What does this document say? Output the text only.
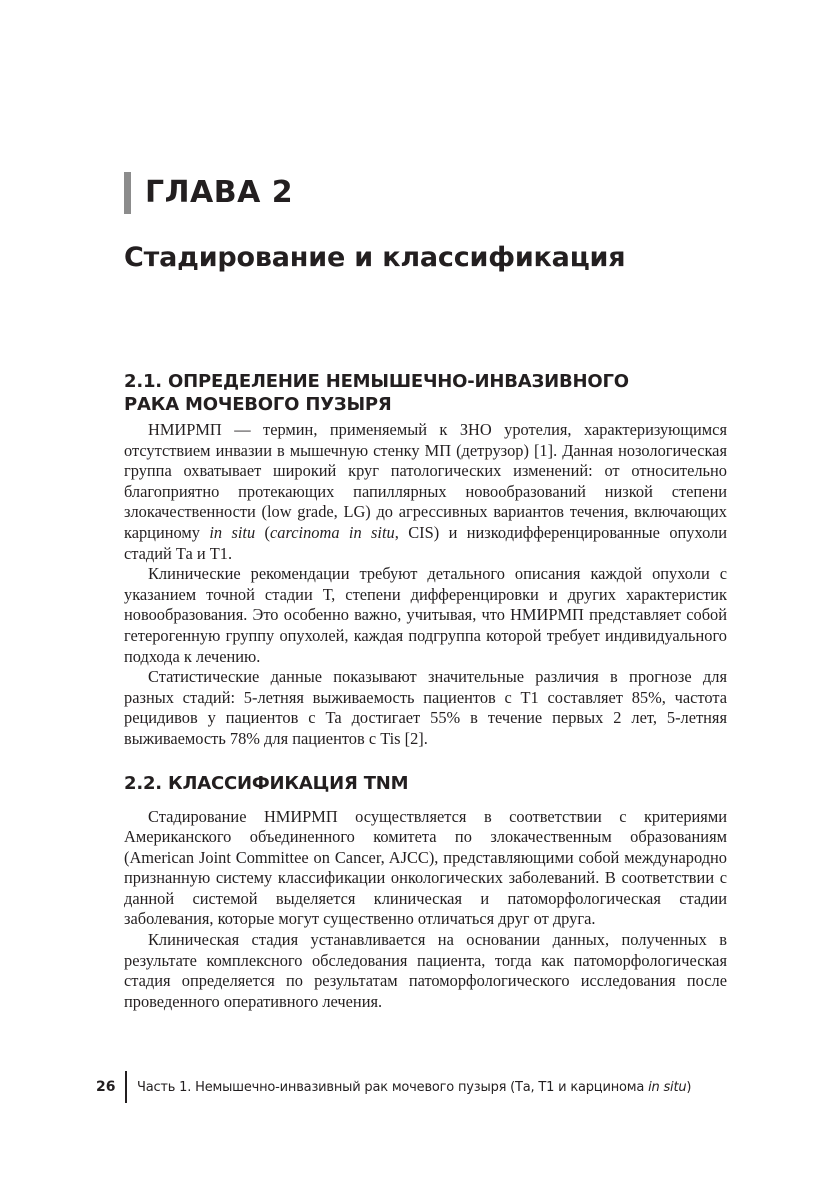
ГЛАВА 2
Стадирование и классификация
2.1. ОПРЕДЕЛЕНИЕ НЕМЫШЕЧНО-ИНВАЗИВНОГО
РАКА МОЧЕВОГО ПУЗЫРЯ

НМИРМП — термин, применяемый к ЗНО уротелия, характеризующимся отсутствием инвазии в мышечную стенку МП (детрузор) [1]. Данная нозологическая группа охватывает широкий круг патологических изменений: от относительно благоприятно протекающих папиллярных новообразований низкой степени злокачественности (low grade, LG) до агрессивных вариантов течения, включающих карциному in situ (carcinoma in situ, CIS) и низкодифференцированные опухоли стадий Та и Т1.

Клинические рекомендации требуют детального описания каждой опухоли с указанием точной стадии Т, степени дифференцировки и других характеристик новообразования. Это особенно важно, учитывая, что НМИРМП представляет собой гетерогенную группу опухолей, каждая подгруппа которой требует индивидуального подхода к лечению.

Статистические данные показывают значительные различия в прогнозе для разных стадий: 5-летняя выживаемость пациентов с T1 составляет 85%, частота рецидивов у пациентов с Ta достигает 55% в течение первых 2 лет, 5-летняя выживаемость 78% для пациентов с Tis [2].

2.2. КЛАССИФИКАЦИЯ TNM

Стадирование НМИРМП осуществляется в соответствии с критериями Американского объединенного комитета по злокачественным образованиям (American Joint Committee on Cancer, AJCC), представляющими собой международно признанную систему классификации онкологических заболеваний. В соответствии с данной системой выделяется клиническая и патоморфологическая стадии заболевания, которые могут существенно отличаться друг от друга.

Клиническая стадия устанавливается на основании данных, полученных в результате комплексного обследования пациента, тогда как патоморфологическая стадия определяется по результатам патоморфологического исследования после проведенного оперативного лечения.

26 Часть 1. Немышечно-инвазивный рак мочевого пузыря (Та, Т1 и карцинома in situ)
